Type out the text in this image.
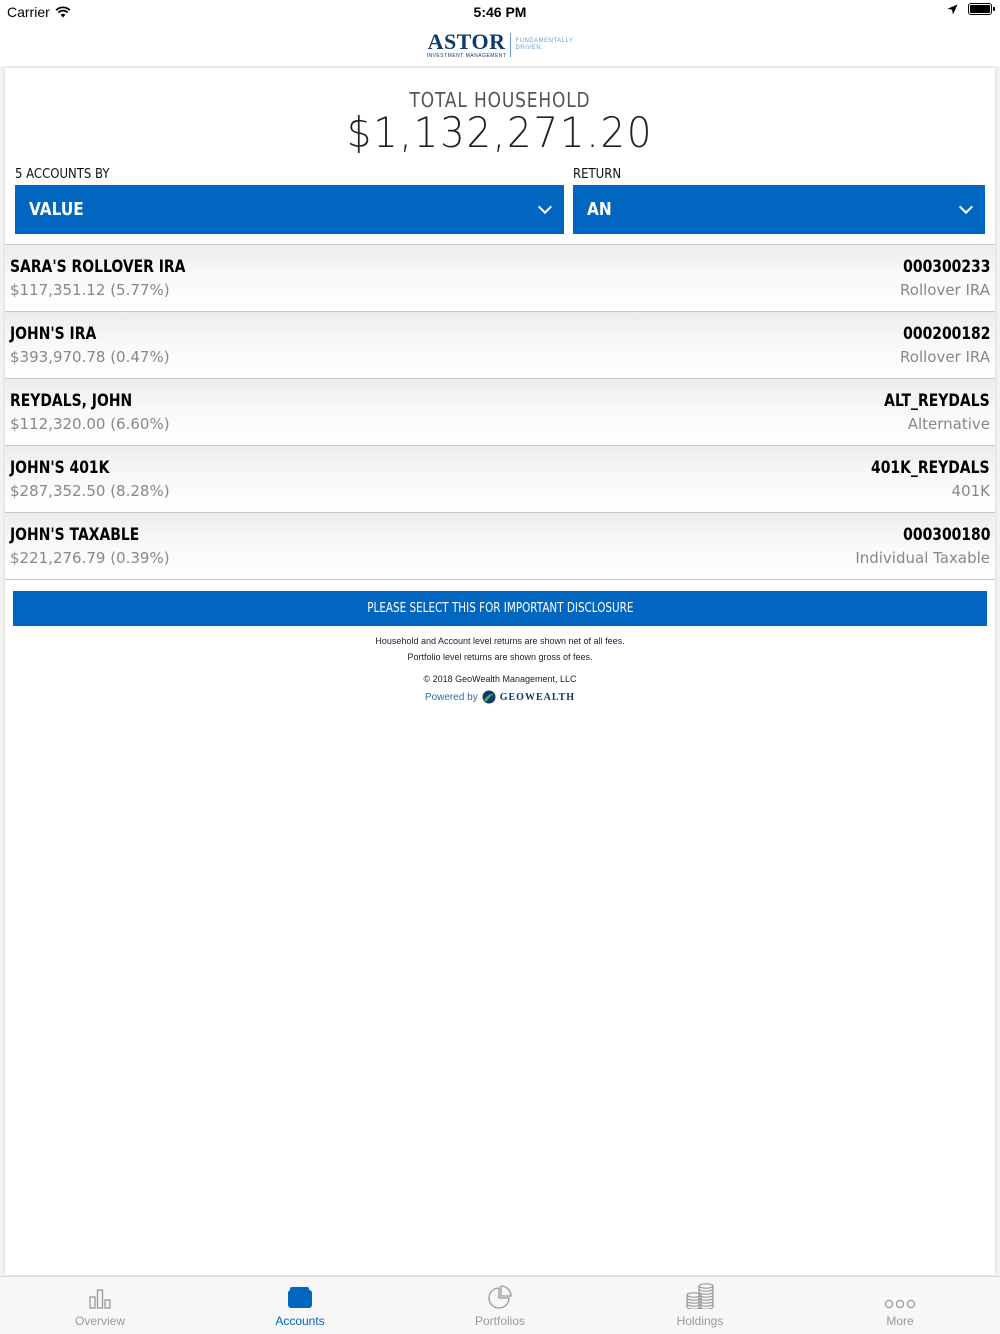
Carrier	5:46 PM
ASTOR
INVESTMENT MANAGEMENT
FUNDAMENTALLY
DRIVEN.
TOTAL HOUSEHOLD
$1,132,271.20
5 ACCOUNTS BY
VALUE
RETURN
AN
SARA'S ROLLOVER IRA
$117,351.12 (5.77%)
000300233
Rollover IRA
JOHN'S IRA
$393,970.78 (0.47%)
000200182
Rollover IRA
REYDALS, JOHN
$112,320.00 (6.60%)
ALT_REYDALS
Alternative
JOHN'S 401K
$287,352.50 (8.28%)
401K_REYDALS
401K
JOHN'S TAXABLE
$221,276.79 (0.39%)
000300180
Individual Taxable
PLEASE SELECT THIS FOR IMPORTANT DISCLOSURE
Household and Account level returns are shown net of all fees.
Portfolio level returns are shown gross of fees.
© 2018 GeoWealth Management, LLC
Powered by GEOWEALTH
Overview	Accounts	Portfolios	Holdings	More
